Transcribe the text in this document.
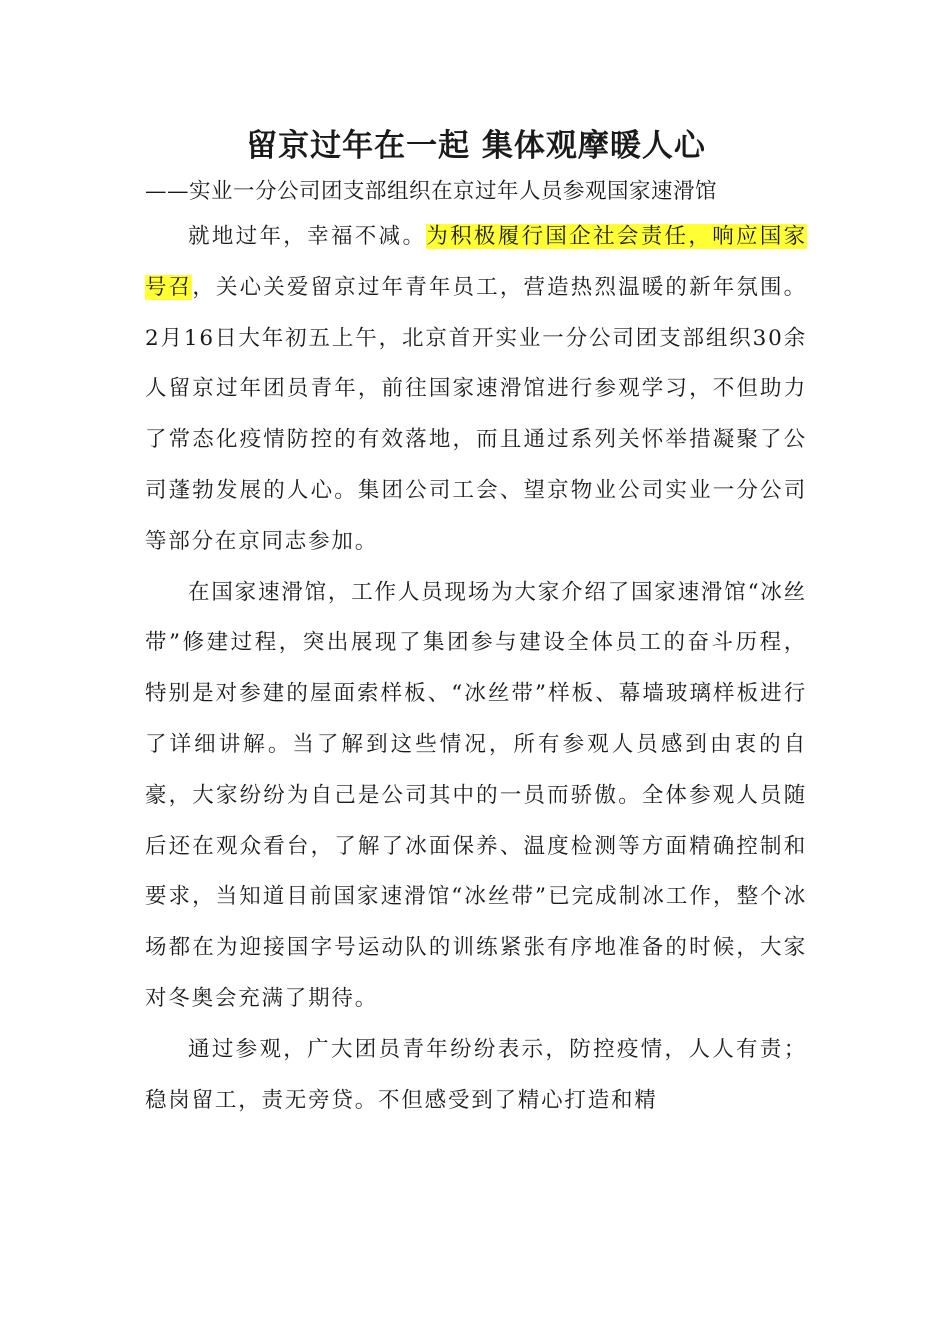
留京过年在一起 集体观摩暖人心

——实业一分公司团支部组织在京过年人员参观国家速滑馆

就地过年，幸福不减。为积极履行国企社会责任，响应国家号召，关心关爱留京过年青年员工，营造热烈温暖的新年氛围。2月16日大年初五上午，北京首开实业一分公司团支部组织30余人留京过年团员青年，前往国家速滑馆进行参观学习，不但助力了常态化疫情防控的有效落地，而且通过系列关怀举措凝聚了公司蓬勃发展的人心。集团公司工会、望京物业公司实业一分公司等部分在京同志参加。

在国家速滑馆，工作人员现场为大家介绍了国家速滑馆“冰丝带”修建过程，突出展现了集团参与建设全体员工的奋斗历程，特别是对参建的屋面索样板、“冰丝带”样板、幕墙玻璃样板进行了详细讲解。当了解到这些情况，所有参观人员感到由衷的自豪，大家纷纷为自己是公司其中的一员而骄傲。全体参观人员随后还在观众看台，了解了冰面保养、温度检测等方面精确控制和要求，当知道目前国家速滑馆“冰丝带”已完成制冰工作，整个冰场都在为迎接国字号运动队的训练紧张有序地准备的时候，大家对冬奥会充满了期待。

通过参观，广大团员青年纷纷表示，防控疫情，人人有责；稳岗留工，责无旁贷。不但感受到了精心打造和精
